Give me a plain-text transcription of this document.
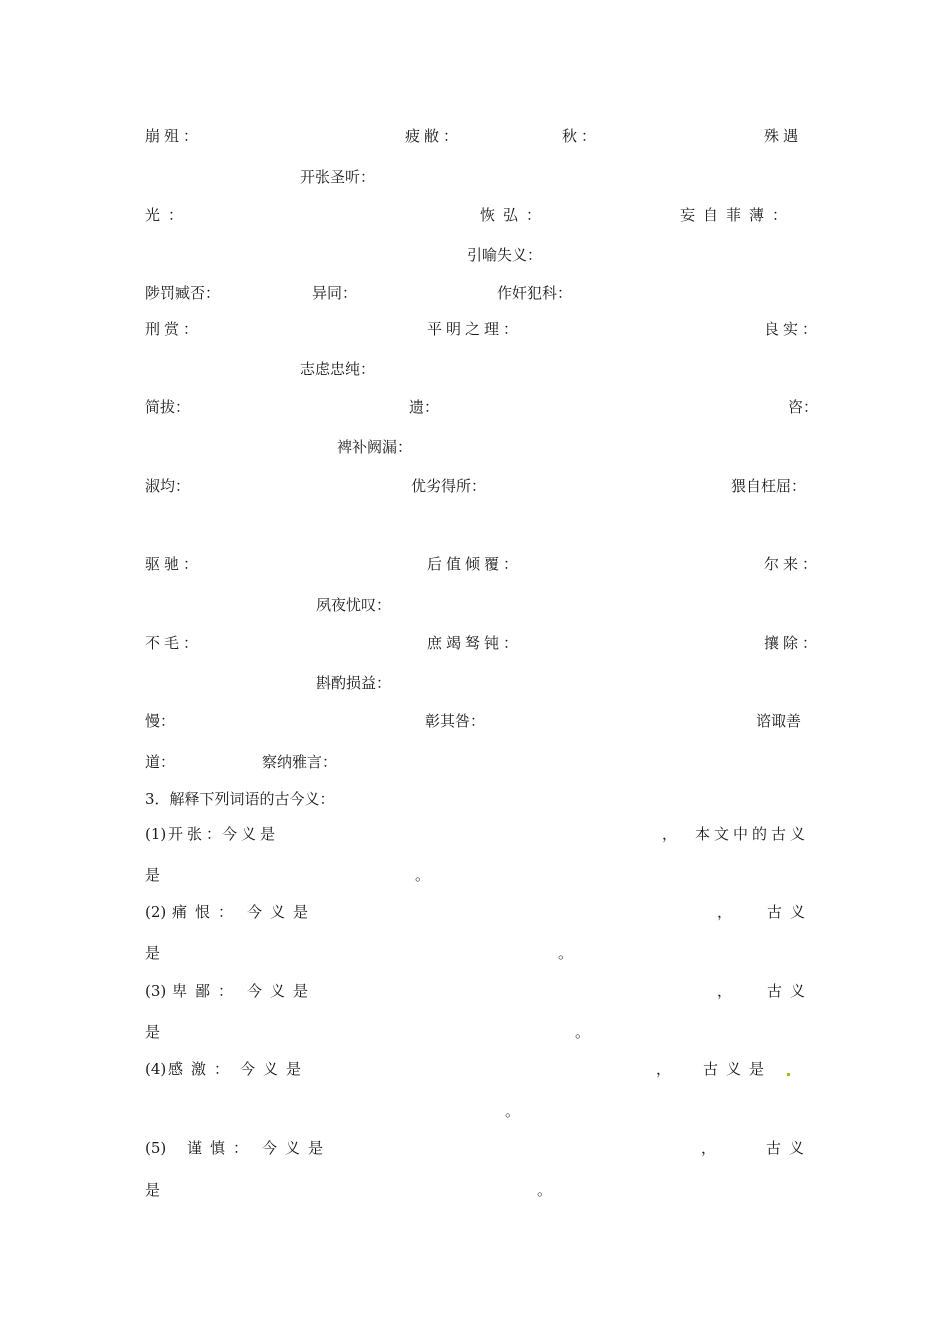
崩殂：	疲敝：	秋：	殊遇
开张圣听：
光：	恢弘：	妄自菲薄：
引喻失义：
陟罚臧否：	异同：	作奸犯科：
刑赏：	平明之理：	良实：
志虑忠纯：
简拔：	遗：	咨：
裨补阙漏：
淑均：	优劣得所：	猥自枉屈：
驱驰：	后值倾覆：	尔来：
夙夜忧叹：
不毛：	庶竭驽钝：	攘除：
斟酌损益：
慢：	彰其咎：	谘诹善
道：	察纳雅言：
3．解释下列词语的古今义：
(1) 开张：
今义是	， 本文中的古义
是	。
(2) 痛恨： 今义是	， 古义
是	。
(3) 卑鄙： 今义是	， 古义
是	。
(4) 感激： 今义是	， 古义是
。
(5) 谨慎： 今义是	，	古义
是	。
